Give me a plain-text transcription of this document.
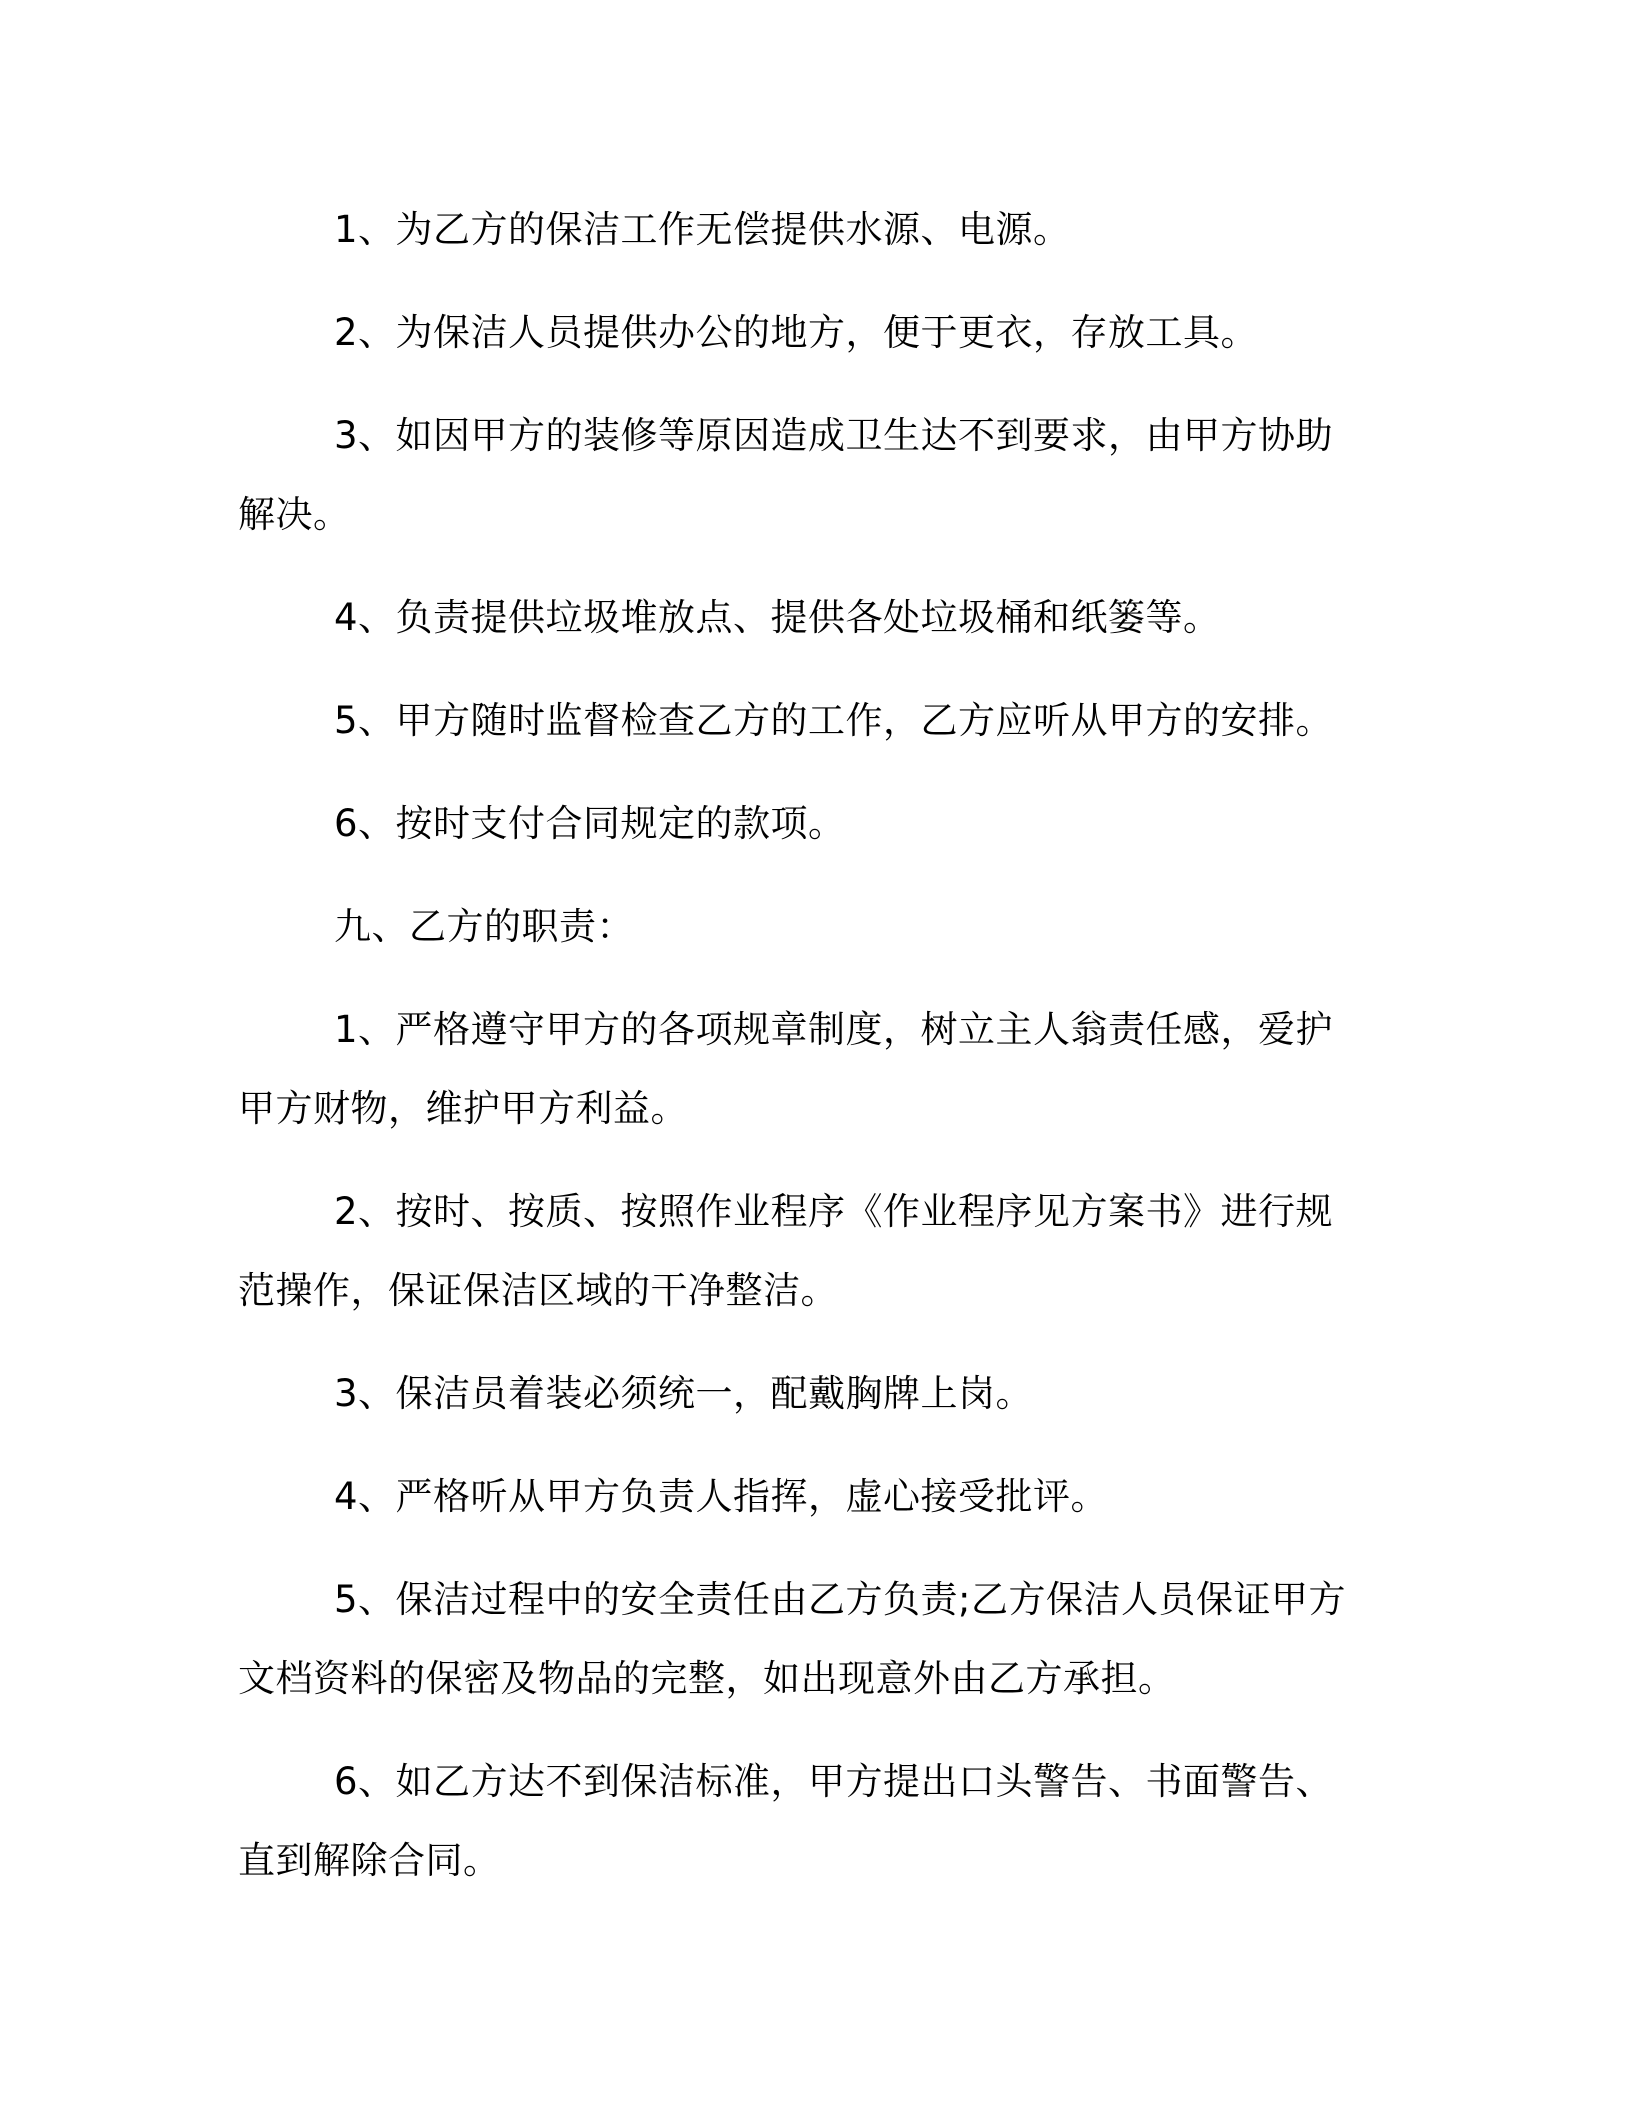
1、为乙方的保洁工作无偿提供水源、电源。

2、为保洁人员提供办公的地方，便于更衣，存放工具。

3、如因甲方的装修等原因造成卫生达不到要求，由甲方协助解决。

4、负责提供垃圾堆放点、提供各处垃圾桶和纸篓等。

5、甲方随时监督检查乙方的工作，乙方应听从甲方的安排。

6、按时支付合同规定的款项。

九、乙方的职责：

1、严格遵守甲方的各项规章制度，树立主人翁责任感，爱护甲方财物，维护甲方利益。

2、按时、按质、按照作业程序《作业程序见方案书》进行规范操作，保证保洁区域的干净整洁。

3、保洁员着装必须统一，配戴胸牌上岗。

4、严格听从甲方负责人指挥，虚心接受批评。

5、保洁过程中的安全责任由乙方负责;乙方保洁人员保证甲方文档资料的保密及物品的完整，如出现意外由乙方承担。

6、如乙方达不到保洁标准，甲方提出口头警告、书面警告、直到解除合同。
